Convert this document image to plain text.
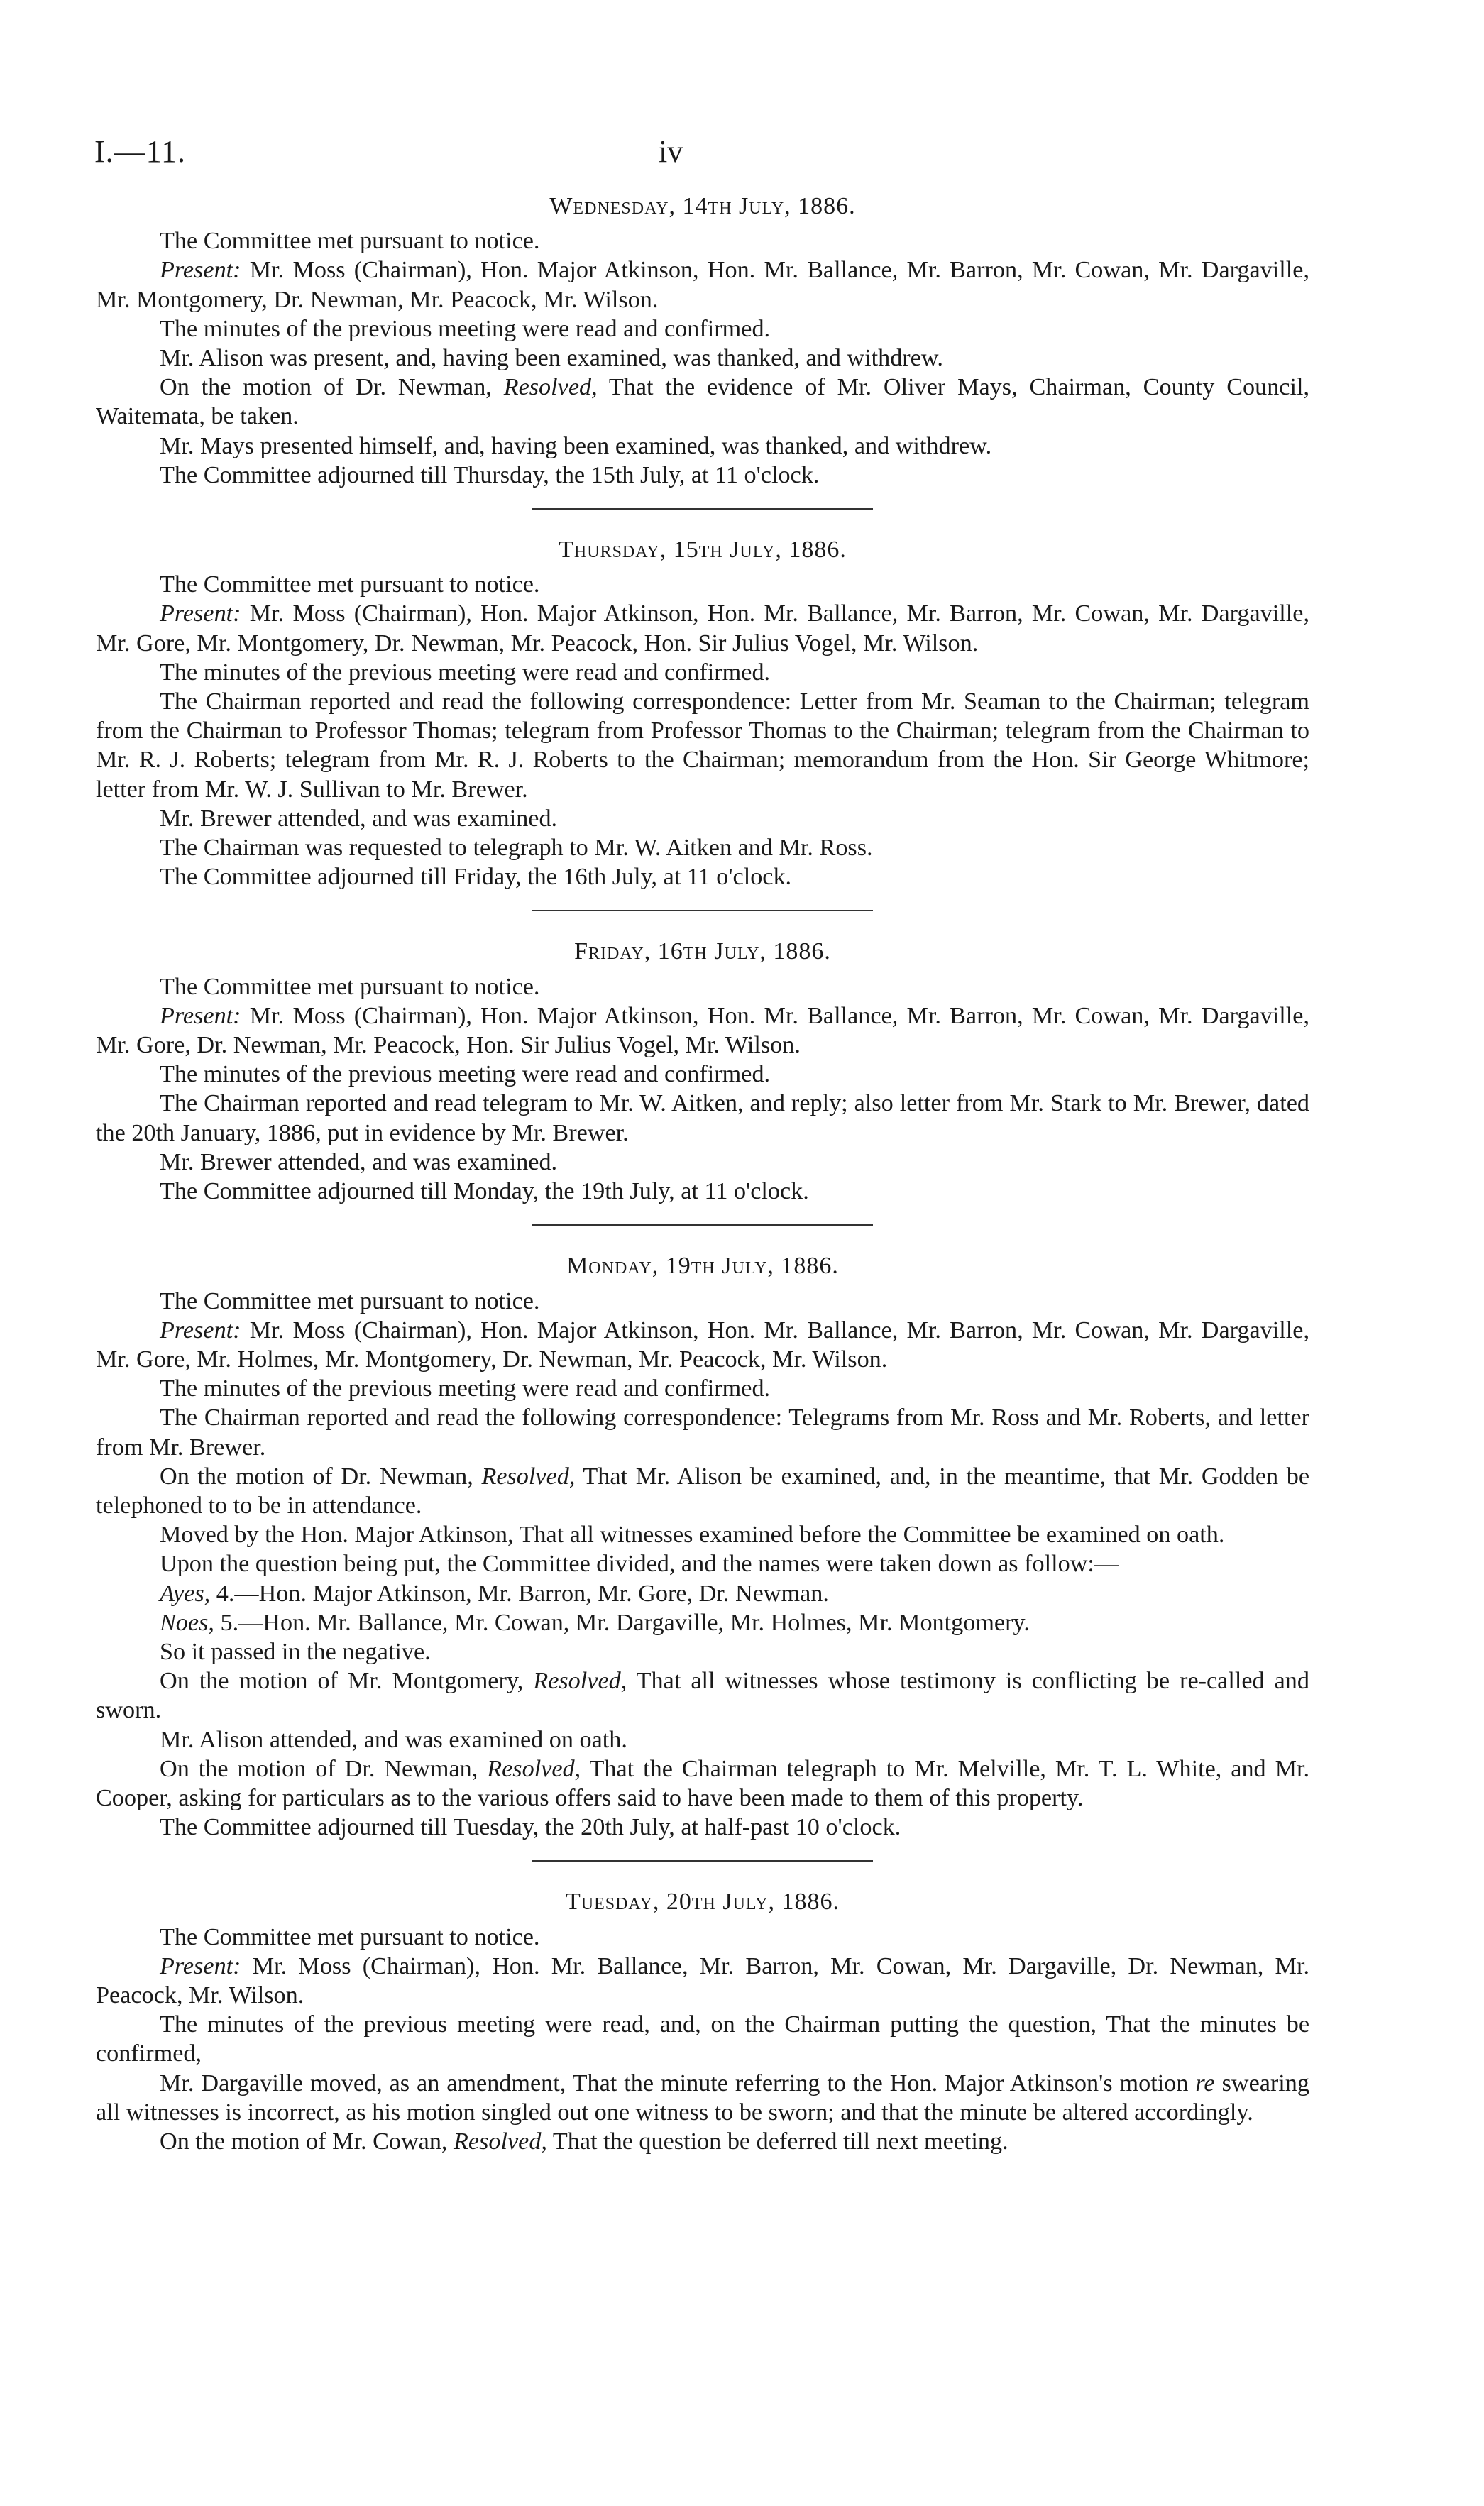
I.—11.	iv
Wednesday, 14th July, 1886.

The Committee met pursuant to notice.

Present: Mr. Moss (Chairman), Hon. Major Atkinson, Hon. Mr. Ballance, Mr. Barron, Mr. Cowan, Mr. Dargaville, Mr. Montgomery, Dr. Newman, Mr. Peacock, Mr. Wilson.

The minutes of the previous meeting were read and confirmed.

Mr. Alison was present, and, having been examined, was thanked, and withdrew.

On the motion of Dr. Newman, Resolved, That the evidence of Mr. Oliver Mays, Chairman, County Council, Waitemata, be taken.

Mr. Mays presented himself, and, having been examined, was thanked, and withdrew.

The Committee adjourned till Thursday, the 15th July, at 11 o'clock.

Thursday, 15th July, 1886.

The Committee met pursuant to notice.

Present: Mr. Moss (Chairman), Hon. Major Atkinson, Hon. Mr. Ballance, Mr. Barron, Mr. Cowan, Mr. Dargaville, Mr. Gore, Mr. Montgomery, Dr. Newman, Mr. Peacock, Hon. Sir Julius Vogel, Mr. Wilson.

The minutes of the previous meeting were read and confirmed.

The Chairman reported and read the following correspondence: Letter from Mr. Seaman to the Chairman; telegram from the Chairman to Professor Thomas; telegram from Professor Thomas to the Chairman; telegram from the Chairman to Mr. R. J. Roberts; telegram from Mr. R. J. Roberts to the Chairman; memorandum from the Hon. Sir George Whitmore; letter from Mr. W. J. Sullivan to Mr. Brewer.

Mr. Brewer attended, and was examined.

The Chairman was requested to telegraph to Mr. W. Aitken and Mr. Ross.

The Committee adjourned till Friday, the 16th July, at 11 o'clock.

Friday, 16th July, 1886.

The Committee met pursuant to notice.

Present: Mr. Moss (Chairman), Hon. Major Atkinson, Hon. Mr. Ballance, Mr. Barron, Mr. Cowan, Mr. Dargaville, Mr. Gore, Dr. Newman, Mr. Peacock, Hon. Sir Julius Vogel, Mr. Wilson.

The minutes of the previous meeting were read and confirmed.

The Chairman reported and read telegram to Mr. W. Aitken, and reply; also letter from Mr. Stark to Mr. Brewer, dated the 20th January, 1886, put in evidence by Mr. Brewer.

Mr. Brewer attended, and was examined.

The Committee adjourned till Monday, the 19th July, at 11 o'clock.

Monday, 19th July, 1886.

The Committee met pursuant to notice.

Present: Mr. Moss (Chairman), Hon. Major Atkinson, Hon. Mr. Ballance, Mr. Barron, Mr. Cowan, Mr. Dargaville, Mr. Gore, Mr. Holmes, Mr. Montgomery, Dr. Newman, Mr. Peacock, Mr. Wilson.

The minutes of the previous meeting were read and confirmed.

The Chairman reported and read the following correspondence: Telegrams from Mr. Ross and Mr. Roberts, and letter from Mr. Brewer.

On the motion of Dr. Newman, Resolved, That Mr. Alison be examined, and, in the meantime, that Mr. Godden be telephoned to to be in attendance.

Moved by the Hon. Major Atkinson, That all witnesses examined before the Committee be examined on oath.

Upon the question being put, the Committee divided, and the names were taken down as follow:—

Ayes, 4.—Hon. Major Atkinson, Mr. Barron, Mr. Gore, Dr. Newman.

Noes, 5.—Hon. Mr. Ballance, Mr. Cowan, Mr. Dargaville, Mr. Holmes, Mr. Montgomery.

So it passed in the negative.

On the motion of Mr. Montgomery, Resolved, That all witnesses whose testimony is conflicting be re-called and sworn.

Mr. Alison attended, and was examined on oath.

On the motion of Dr. Newman, Resolved, That the Chairman telegraph to Mr. Melville, Mr. T. L. White, and Mr. Cooper, asking for particulars as to the various offers said to have been made to them of this property.

The Committee adjourned till Tuesday, the 20th July, at half-past 10 o'clock.

Tuesday, 20th July, 1886.

The Committee met pursuant to notice.

Present: Mr. Moss (Chairman), Hon. Mr. Ballance, Mr. Barron, Mr. Cowan, Mr. Dargaville, Dr. Newman, Mr. Peacock, Mr. Wilson.

The minutes of the previous meeting were read, and, on the Chairman putting the question, That the minutes be confirmed,

Mr. Dargaville moved, as an amendment, That the minute referring to the Hon. Major Atkinson's motion re swearing all witnesses is incorrect, as his motion singled out one witness to be sworn; and that the minute be altered accordingly.

On the motion of Mr. Cowan, Resolved, That the question be deferred till next meeting.
